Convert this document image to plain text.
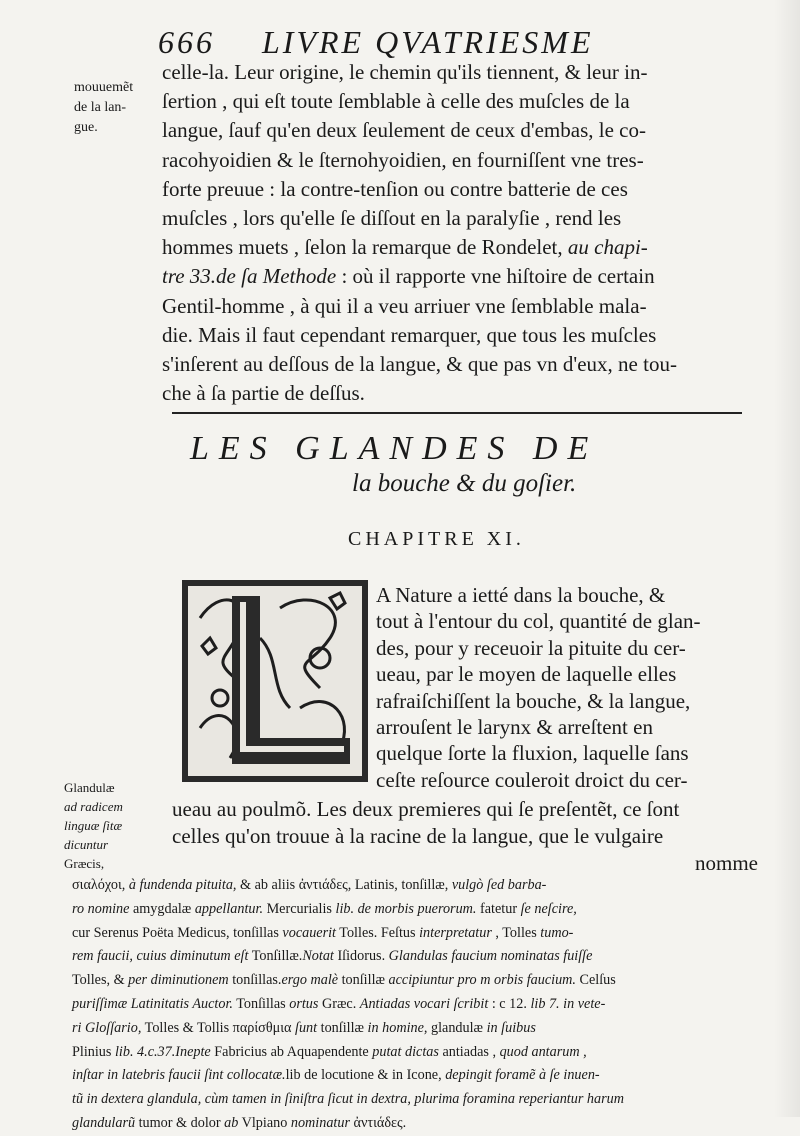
666 LIVRE QVATRIESME
mouuemẽt
de la lan-
gue.
celle-la. Leur origine, le chemin qu'ils tiennent, & leur in-
ſertion , qui eſt toute ſemblable à celle des muſcles de la
langue, ſauf qu'en deux ſeulement de ceux d'embas, le co-
racohyoidien & le ſternohyoidien, en fourniſſent vne tres-
forte preuue : la contre-tenſion ou contre batterie de ces
muſcles , lors qu'elle ſe diſſout en la paralyſie , rend les
hommes muets , ſelon la remarque de Rondelet, au chapi-
tre 33.de ſa Methode : où il rapporte vne hiſtoire de certain
Gentil-homme , à qui il a veu arriuer vne ſemblable mala-
die. Mais il faut cependant remarquer, que tous les muſcles
s'inſerent au deſſous de la langue, & que pas vn d'eux, ne tou-
che à ſa partie de deſſus.
LES GLANDES DE
la bouche & du goſier.
CHAPITRE XI.
L
A Nature a ietté dans la bouche, &
tout à l'entour du col, quantité de glan-
des, pour y receuoir la pituite du cer-
ueau, par le moyen de laquelle elles
rafraiſchiſſent la bouche, & la langue,
arrouſent le larynx & arreſtent en
quelque ſorte la fluxion, laquelle ſans
ceſte reſource couleroit droict du cer-
Glandulæ
ad radicem
linguæ ſitæ
dicuntur
Græcis,
ueau au poulmõ. Les deux premieres qui ſe preſentẽt, ce ſont
celles qu'on trouue à la racine de la langue, que le vulgaire
nomme
σιαλόχοι, à fundenda pituita, & ab aliis ἀντιάδες, Latinis, tonſillæ, vulgò ſed barba-
ro nomine amygdalæ appellantur. Mercurialis lib. de morbis puerorum. fatetur ſe neſcire,
cur Serenus Poëta Medicus, tonſillas vocauerit Tolles. Feſtus interpretatur , Tolles tumo-
rem faucii, cuius diminutum eſt Tonſillæ.Notat Iſidorus. Glandulas faucium nominatas fuiſſe
Tolles, & per diminutionem tonſillas.ergo malè tonſillæ accipiuntur pro m orbis faucium. Celſus
puriſſimæ Latinitatis Auctor. Tonſillas ortus Græc. Antiadas vocari ſcribit : c 12. lib 7. in vete-
ri Gloſſario, Tolles & Tollis παρίσθμια ſunt tonſillæ in homine, glandulæ in ſuibus
Plinius lib. 4.c.37.Inepte Fabricius ab Aquapendente putat dictas antiadas , quod antarum ,
inſtar in latebris faucii ſint collocatæ.lib de locutione & in Icone, depingit foramẽ à ſe inuen-
tũ in dextera glandula, cùm tamen in ſiniſtra ſicut in dextra, plurima foramina reperiantur harum
glandularũ tumor & dolor ab Vlpiano nominatur ἀντιάδες.
